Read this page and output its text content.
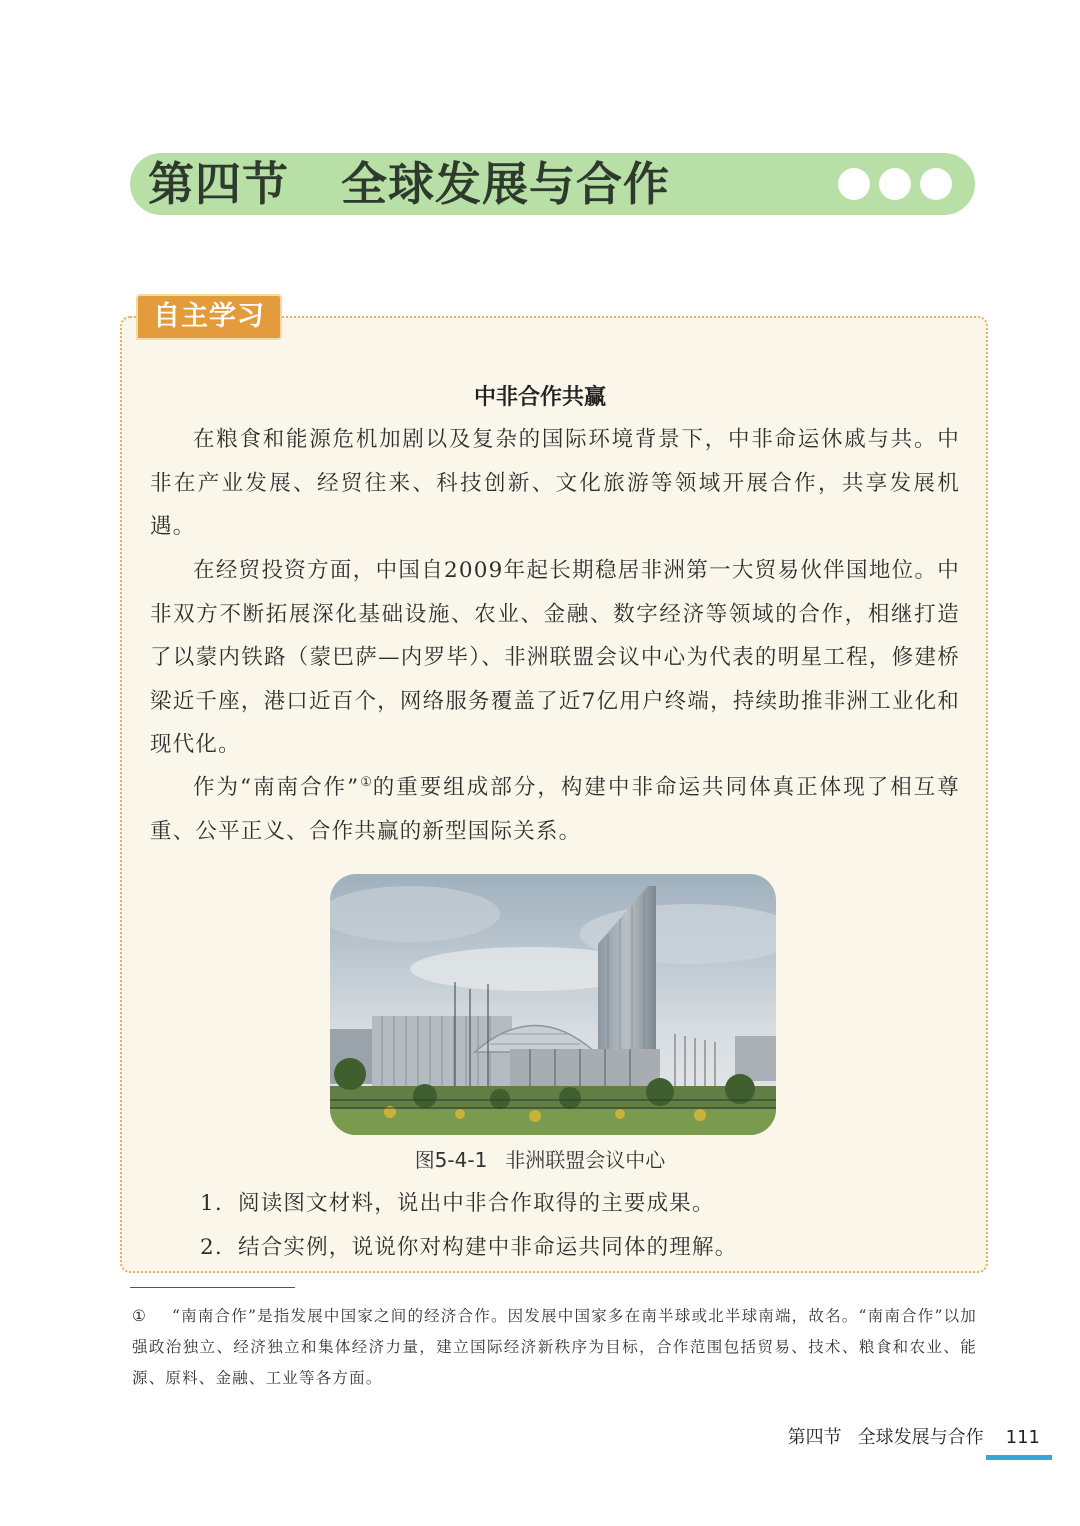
第四节 全球发展与合作
自主学习
中非合作共赢

在粮食和能源危机加剧以及复杂的国际环境背景下，中非命运休戚与共。中非在产业发展、经贸往来、科技创新、文化旅游等领域开展合作，共享发展机遇。

在经贸投资方面，中国自2009年起长期稳居非洲第一大贸易伙伴国地位。中非双方不断拓展深化基础设施、农业、金融、数字经济等领域的合作，相继打造了以蒙内铁路（蒙巴萨—内罗毕）、非洲联盟会议中心为代表的明星工程，修建桥梁近千座，港口近百个，网络服务覆盖了近7亿用户终端，持续助推非洲工业化和现代化。

作为“南南合作”①的重要组成部分，构建中非命运共同体真正体现了相互尊重、公平正义、合作共赢的新型国际关系。

图5-4-1 非洲联盟会议中心
1. 阅读图文材料，说出中非合作取得的主要成果。
2. 结合实例，说说你对构建中非命运共同体的理解。

① “南南合作”是指发展中国家之间的经济合作。因发展中国家多在南半球或北半球南端，故名。“南南合作”以加强政治独立、经济独立和集体经济力量，建立国际经济新秩序为目标，合作范围包括贸易、技术、粮食和农业、能源、原料、金融、工业等各方面。

第四节 全球发展与合作 111
